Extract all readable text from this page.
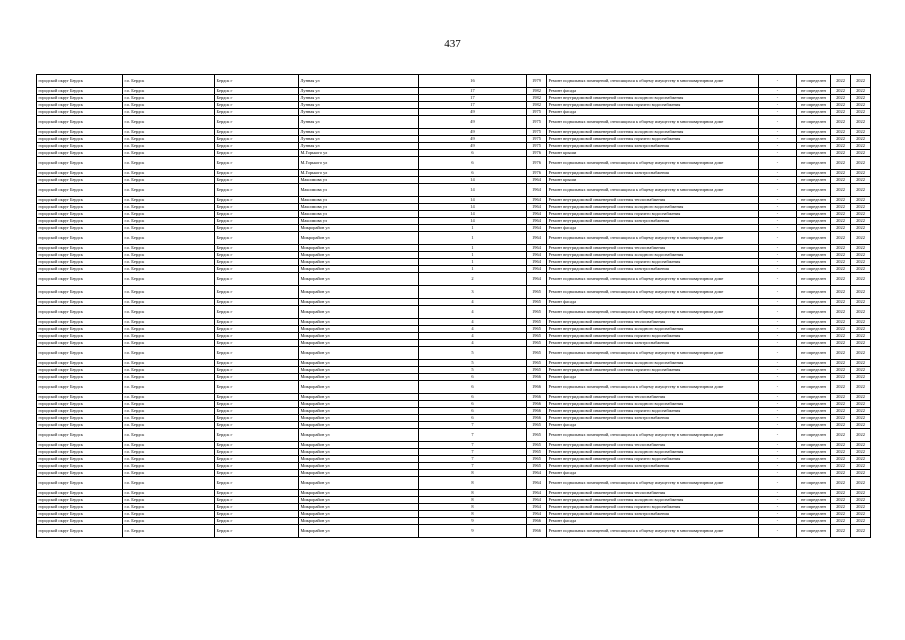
437
городской округ Бердск	г.о. Бердск	Бердск г	Лунная ул	16	1979	Ремонт подвальных помещений, относящихся к общему имуществу в многоквартирном доме	-	не определен	2022	2022
городской округ Бердск	г.о. Бердск	Бердск г	Лунная ул	17	1982	Ремонт фасада	-	не определен	2022	2022
городской округ Бердск	г.о. Бердск	Бердск г	Лунная ул	17	1982	Ремонт внутридомовой инженерной системы холодного водоснабжения	-	не определен	2022	2022
городской округ Бердск	г.о. Бердск	Бердск г	Лунная ул	17	1982	Ремонт внутридомовой инженерной системы горячего водоснабжения	-	не определен	2022	2022
городской округ Бердск	г.о. Бердск	Бердск г	Лунная ул	49	1975	Ремонт фасада	-	не определен	2022	2022
городской округ Бердск	г.о. Бердск	Бердск г	Лунная ул	49	1975	Ремонт подвальных помещений, относящихся к общему имуществу в многоквартирном доме	-	не определен	2022	2022
городской округ Бердск	г.о. Бердск	Бердск г	Лунная ул	49	1975	Ремонт внутридомовой инженерной системы холодного водоснабжения	-	не определен	2022	2022
городской округ Бердск	г.о. Бердск	Бердск г	Лунная ул	49	1975	Ремонт внутридомовой инженерной системы горячего водоснабжения	-	не определен	2022	2022
городской округ Бердск	г.о. Бердск	Бердск г	Лунная ул	49	1975	Ремонт внутридомовой инженерной системы электроснабжения	-	не определен	2022	2022
городской округ Бердск	г.о. Бердск	Бердск г	М.Горького ул	6	1976	Ремонт крыши	-	не определен	2022	2022
городской округ Бердск	г.о. Бердск	Бердск г	М.Горького ул	6	1976	Ремонт подвальных помещений, относящихся к общему имуществу в многоквартирном доме	-	не определен	2022	2022
городской округ Бердск	г.о. Бердск	Бердск г	М.Горького ул	6	1976	Ремонт внутридомовой инженерной системы электроснабжения	-	не определен	2022	2022
городской округ Бердск	г.о. Бердск	Бердск г	Максимова ул	14	1964	Ремонт крыши	-	не определен	2022	2022
городской округ Бердск	г.о. Бердск	Бердск г	Максимова ул	14	1964	Ремонт подвальных помещений, относящихся к общему имуществу в многоквартирном доме	-	не определен	2022	2022
городской округ Бердск	г.о. Бердск	Бердск г	Максимова ул	14	1964	Ремонт внутридомовой инженерной системы теплоснабжения	-	не определен	2022	2022
городской округ Бердск	г.о. Бердск	Бердск г	Максимова ул	14	1964	Ремонт внутридомовой инженерной системы холодного водоснабжения	-	не определен	2022	2022
городской округ Бердск	г.о. Бердск	Бердск г	Максимова ул	14	1964	Ремонт внутридомовой инженерной системы горячего водоснабжения	-	не определен	2022	2022
городской округ Бердск	г.о. Бердск	Бердск г	Максимова ул	14	1964	Ремонт внутридомовой инженерной системы электроснабжения	-	не определен	2022	2022
городской округ Бердск	г.о. Бердск	Бердск г	Микрорайон ул	1	1964	Ремонт фасада	-	не определен	2022	2022
городской округ Бердск	г.о. Бердск	Бердск г	Микрорайон ул	1	1964	Ремонт подвальных помещений, относящихся к общему имуществу в многоквартирном доме	-	не определен	2022	2022
городской округ Бердск	г.о. Бердск	Бердск г	Микрорайон ул	1	1964	Ремонт внутридомовой инженерной системы теплоснабжения	-	не определен	2022	2022
городской округ Бердск	г.о. Бердск	Бердск г	Микрорайон ул	1	1964	Ремонт внутридомовой инженерной системы холодного водоснабжения	-	не определен	2022	2022
городской округ Бердск	г.о. Бердск	Бердск г	Микрорайон ул	1	1964	Ремонт внутридомовой инженерной системы горячего водоснабжения	-	не определен	2022	2022
городской округ Бердск	г.о. Бердск	Бердск г	Микрорайон ул	1	1964	Ремонт внутридомовой инженерной системы электроснабжения	-	не определен	2022	2022
городской округ Бердск	г.о. Бердск	Бердск г	Микрорайон ул	2	1964	Ремонт подвальных помещений, относящихся к общему имуществу в многоквартирном доме	-	не определен	2022	2022
городской округ Бердск	г.о. Бердск	Бердск г	Микрорайон ул	3	1965	Ремонт подвальных помещений, относящихся к общему имуществу в многоквартирном доме	-	не определен	2022	2022
городской округ Бердск	г.о. Бердск	Бердск г	Микрорайон ул	4	1965	Ремонт фасада	-	не определен	2022	2022
городской округ Бердск	г.о. Бердск	Бердск г	Микрорайон ул	4	1965	Ремонт подвальных помещений, относящихся к общему имуществу в многоквартирном доме	-	не определен	2022	2022
городской округ Бердск	г.о. Бердск	Бердск г	Микрорайон ул	4	1965	Ремонт внутридомовой инженерной системы теплоснабжения	-	не определен	2022	2022
городской округ Бердск	г.о. Бердск	Бердск г	Микрорайон ул	4	1965	Ремонт внутридомовой инженерной системы холодного водоснабжения	-	не определен	2022	2022
городской округ Бердск	г.о. Бердск	Бердск г	Микрорайон ул	4	1965	Ремонт внутридомовой инженерной системы горячего водоснабжения	-	не определен	2022	2022
городской округ Бердск	г.о. Бердск	Бердск г	Микрорайон ул	4	1965	Ремонт внутридомовой инженерной системы электроснабжения	-	не определен	2022	2022
городской округ Бердск	г.о. Бердск	Бердск г	Микрорайон ул	5	1965	Ремонт подвальных помещений, относящихся к общему имуществу в многоквартирном доме	-	не определен	2022	2022
городской округ Бердск	г.о. Бердск	Бердск г	Микрорайон ул	5	1965	Ремонт внутридомовой инженерной системы холодного водоснабжения	-	не определен	2022	2022
городской округ Бердск	г.о. Бердск	Бердск г	Микрорайон ул	5	1965	Ремонт внутридомовой инженерной системы горячего водоснабжения	-	не определен	2022	2022
городской округ Бердск	г.о. Бердск	Бердск г	Микрорайон ул	6	1966	Ремонт фасада	-	не определен	2022	2022
городской округ Бердск	г.о. Бердск	Бердск г	Микрорайон ул	6	1966	Ремонт подвальных помещений, относящихся к общему имуществу в многоквартирном доме	-	не определен	2022	2022
городской округ Бердск	г.о. Бердск	Бердск г	Микрорайон ул	6	1966	Ремонт внутридомовой инженерной системы теплоснабжения	-	не определен	2022	2022
городской округ Бердск	г.о. Бердск	Бердск г	Микрорайон ул	6	1966	Ремонт внутридомовой инженерной системы холодного водоснабжения	-	не определен	2022	2022
городской округ Бердск	г.о. Бердск	Бердск г	Микрорайон ул	6	1966	Ремонт внутридомовой инженерной системы горячего водоснабжения	-	не определен	2022	2022
городской округ Бердск	г.о. Бердск	Бердск г	Микрорайон ул	6	1966	Ремонт внутридомовой инженерной системы электроснабжения	-	не определен	2022	2022
городской округ Бердск	г.о. Бердск	Бердск г	Микрорайон ул	7	1965	Ремонт фасада	-	не определен	2022	2022
городской округ Бердск	г.о. Бердск	Бердск г	Микрорайон ул	7	1965	Ремонт подвальных помещений, относящихся к общему имуществу в многоквартирном доме	-	не определен	2022	2022
городской округ Бердск	г.о. Бердск	Бердск г	Микрорайон ул	7	1965	Ремонт внутридомовой инженерной системы теплоснабжения	-	не определен	2022	2022
городской округ Бердск	г.о. Бердск	Бердск г	Микрорайон ул	7	1965	Ремонт внутридомовой инженерной системы холодного водоснабжения	-	не определен	2022	2022
городской округ Бердск	г.о. Бердск	Бердск г	Микрорайон ул	7	1965	Ремонт внутридомовой инженерной системы горячего водоснабжения	-	не определен	2022	2022
городской округ Бердск	г.о. Бердск	Бердск г	Микрорайон ул	7	1965	Ремонт внутридомовой инженерной системы электроснабжения	-	не определен	2022	2022
городской округ Бердск	г.о. Бердск	Бердск г	Микрорайон ул	8	1964	Ремонт фасада	-	не определен	2022	2022
городской округ Бердск	г.о. Бердск	Бердск г	Микрорайон ул	8	1964	Ремонт подвальных помещений, относящихся к общему имуществу в многоквартирном доме	-	не определен	2022	2022
городской округ Бердск	г.о. Бердск	Бердск г	Микрорайон ул	8	1964	Ремонт внутридомовой инженерной системы теплоснабжения	-	не определен	2022	2022
городской округ Бердск	г.о. Бердск	Бердск г	Микрорайон ул	8	1964	Ремонт внутридомовой инженерной системы холодного водоснабжения	-	не определен	2022	2022
городской округ Бердск	г.о. Бердск	Бердск г	Микрорайон ул	8	1964	Ремонт внутридомовой инженерной системы горячего водоснабжения	-	не определен	2022	2022
городской округ Бердск	г.о. Бердск	Бердск г	Микрорайон ул	8	1964	Ремонт внутридомовой инженерной системы электроснабжения	-	не определен	2022	2022
городской округ Бердск	г.о. Бердск	Бердск г	Микрорайон ул	9	1966	Ремонт фасада	-	не определен	2022	2022
городской округ Бердск	г.о. Бердск	Бердск г	Микрорайон ул	9	1966	Ремонт подвальных помещений, относящихся к общему имуществу в многоквартирном доме	-	не определен	2022	2022
